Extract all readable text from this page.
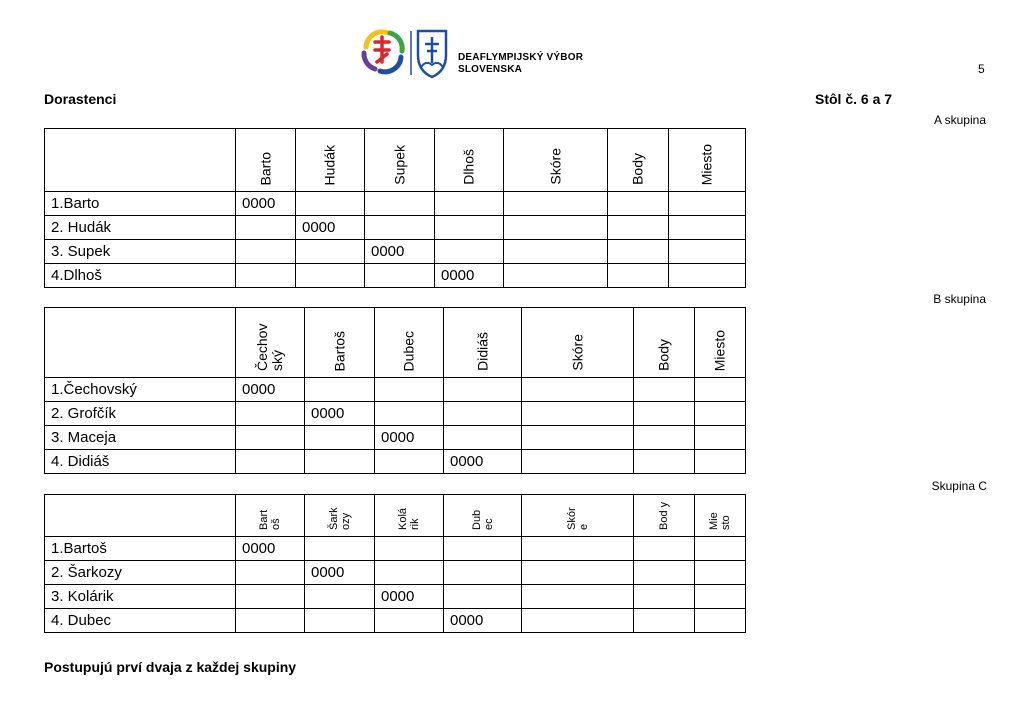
DEAFLYMPIJSKÝ VÝBOR
SLOVENSKA	5
Dorastenci	Stôl č. 6 a 7
A skupina

	Barto	Hudák	Supek	Dlhoš	Skóre	Body	Miesto

1.Barto	0000						
2. Hudák		0000					
3. Supek			0000				
4.Dlhoš				0000			
B skupina

	Čechov ský	Bartoš	Dubec	Didiáš	Skóre	Body	Miesto

1.Čechovský	0000						
2. Grofčík		0000					
3. Maceja			0000				
4. Didiáš				0000			
Skupina C

	Bart oš	Šark ozy	Kolá rik	Dub ec	Skór e	Bod y	Mie sto

1.Bartoš	0000						
2. Šarkozy		0000					
3. Kolárik			0000				
4. Dubec				0000			
Postupujú prví dvaja z každej skupiny
